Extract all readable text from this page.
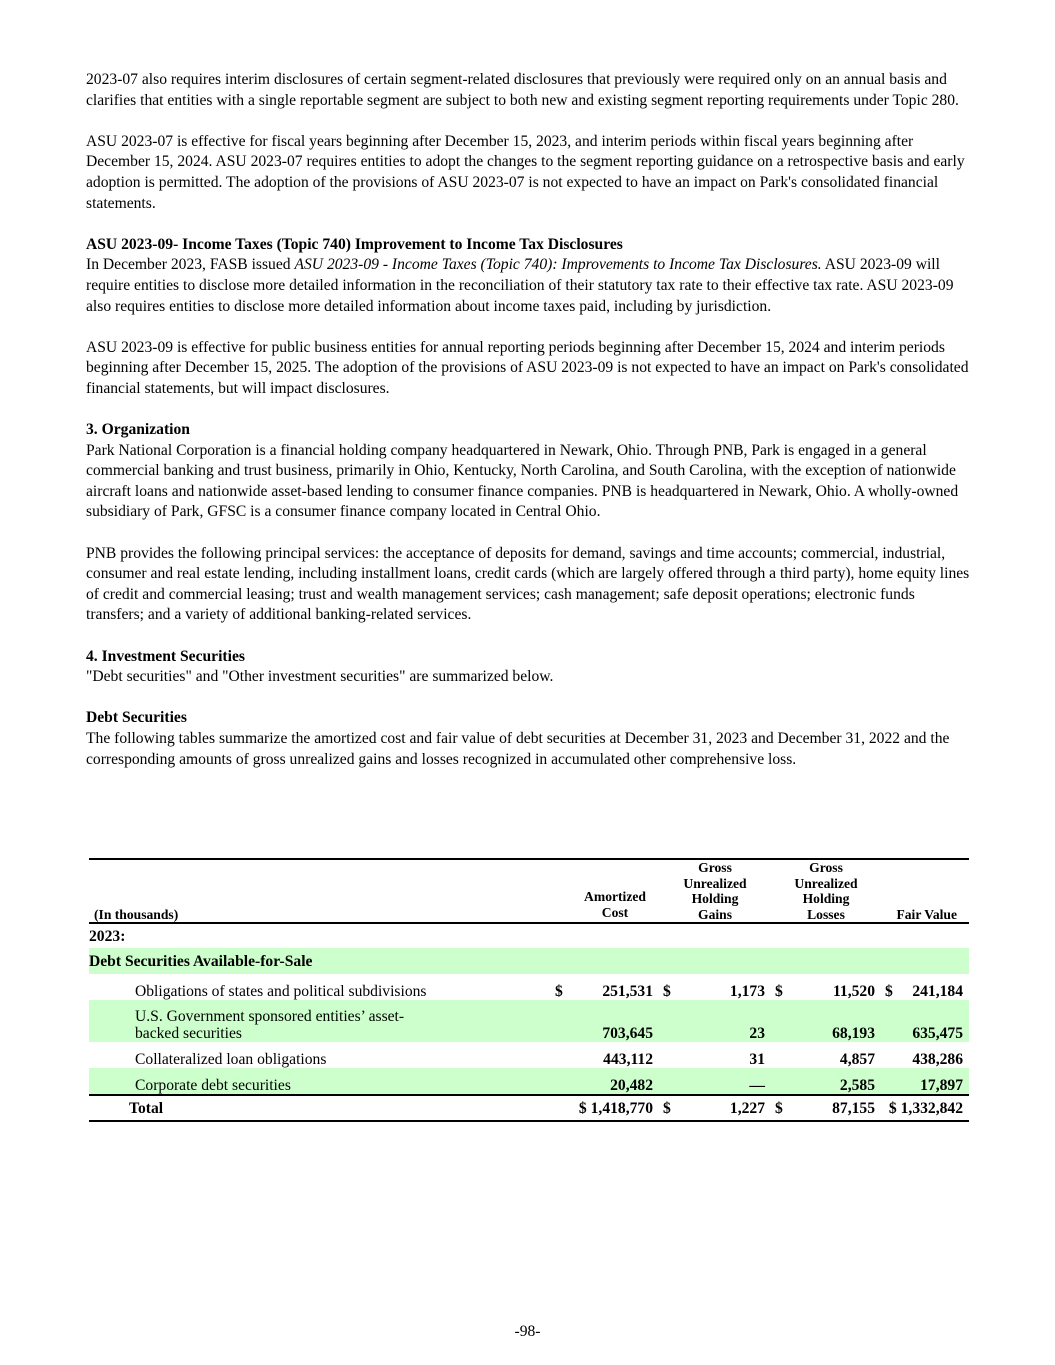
2023-07 also requires interim disclosures of certain segment-related disclosures that previously were required only on an annual basis and clarifies that entities with a single reportable segment are subject to both new and existing segment reporting requirements under Topic 280.

ASU 2023-07 is effective for fiscal years beginning after December 15, 2023, and interim periods within fiscal years beginning after December 15, 2024. ASU 2023-07 requires entities to adopt the changes to the segment reporting guidance on a retrospective basis and early adoption is permitted. The adoption of the provisions of ASU 2023-07 is not expected to have an impact on Park's consolidated financial statements.

ASU 2023-09- Income Taxes (Topic 740) Improvement to Income Tax Disclosures

In December 2023, FASB issued ASU 2023-09 - Income Taxes (Topic 740): Improvements to Income Tax Disclosures. ASU 2023-09 will require entities to disclose more detailed information in the reconciliation of their statutory tax rate to their effective tax rate. ASU 2023-09 also requires entities to disclose more detailed information about income taxes paid, including by jurisdiction.

ASU 2023-09 is effective for public business entities for annual reporting periods beginning after December 15, 2024 and interim periods beginning after December 15, 2025. The adoption of the provisions of ASU 2023-09 is not expected to have an impact on Park's consolidated financial statements, but will impact disclosures.

3. Organization

Park National Corporation is a financial holding company headquartered in Newark, Ohio. Through PNB, Park is engaged in a general commercial banking and trust business, primarily in Ohio, Kentucky, North Carolina, and South Carolina, with the exception of nationwide aircraft loans and nationwide asset-based lending to consumer finance companies. PNB is headquartered in Newark, Ohio. A wholly-owned subsidiary of Park, GFSC is a consumer finance company located in Central Ohio.

PNB provides the following principal services: the acceptance of deposits for demand, savings and time accounts; commercial, industrial, consumer and real estate lending, including installment loans, credit cards (which are largely offered through a third party), home equity lines of credit and commercial leasing; trust and wealth management services; cash management; safe deposit operations; electronic funds transfers; and a variety of additional banking-related services.

4. Investment Securities

"Debt securities" and "Other investment securities" are summarized below.

Debt Securities

The following tables summarize the amortized cost and fair value of debt securities at December 31, 2023 and December 31, 2022 and the corresponding amounts of gross unrealized gains and losses recognized in accumulated other comprehensive loss.

(In thousands)	Amortized Cost		Gross Unrealized Holding Gains		Gross Unrealized Holding Losses		Fair Value	
2023:								
Debt Securities Available-for-Sale								
Obligations of states and political subdivisions	$	251,531	$	1,173	$	11,520	$	241,184
U.S. Government sponsored entities’ asset-backed securities		703,645		23		68,193		635,475
Collateralized loan obligations		443,112		31		4,857		438,286
Corporate debt securities		20,482		—		2,585		17,897
Total	$ 1,418,770		$	1,227	$	87,155	$ 1,332,842	
-98-
